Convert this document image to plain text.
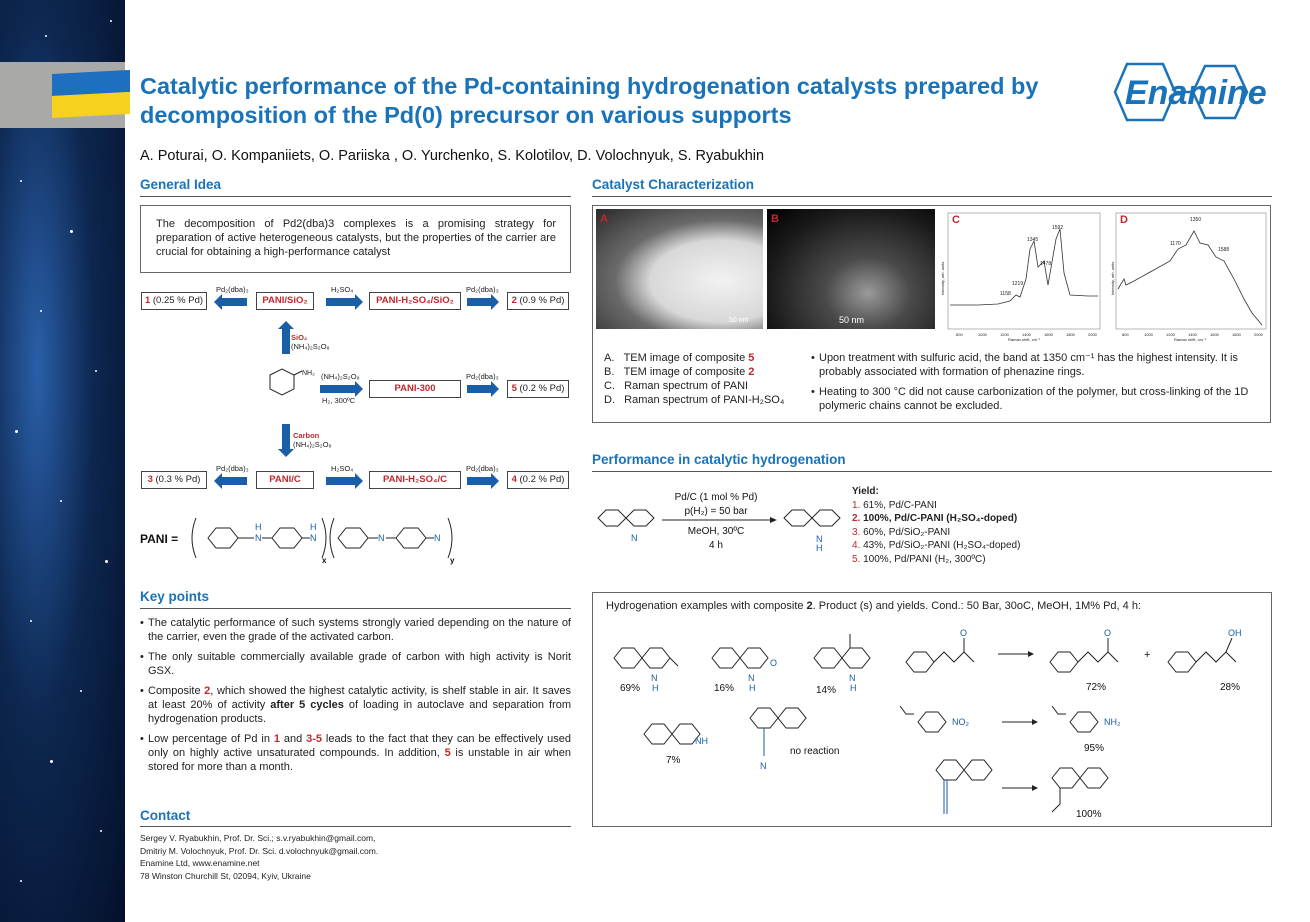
Catalytic performance of the Pd-containing hydrogenation catalysts prepared by decomposition of the Pd(0) precursor on various supports
A. Poturai, O. Kompaniiets, O. Pariiska , O. Yurchenko, S. Kolotilov, D. Volochnyuk, S. Ryabukhin
Enamine
General Idea
The decomposition of Pd2(dba)3 complexes is a promising strategy for preparation of active heterogeneous catalysts, but the properties of the carrier are crucial for obtaining a high-performance catalyst
1 (0.25 % Pd)
Pd₂(dba)₃
PANI/SiO₂
H₂SO₄
PANI-H₂SO₄/SiO₂
Pd₂(dba)₃
2 (0.9 % Pd)
SiO₂
(NH₄)₂S₂O₈
NH₂ (NH₄)₂S₂O₈
H₂, 300ºC
PANI-300
Pd₂(dba)₃
5 (0.2 % Pd)
Carbon
(NH₄)₂S₂O₈
3 (0.3 % Pd)
Pd₂(dba)₃
PANI/C
H₂SO₄
PANI-H₂SO₄/C
Pd₂(dba)₃
4 (0.2 % Pd)
PANI =	N
H
N
H
x
N	N
y
Key points
• The catalytic performance of such systems strongly varied depending on the nature of the carrier, even the grade of the activated carbon.
• The only suitable commercially available grade of carbon with high activity is Norit GSX.
• Composite 2, which showed the highest catalytic activity, is shelf stable in air. It saves at least 20% of activity after 5 cycles of loading in autoclave and separation from hydrogenation products.
• Low percentage of Pd in 1 and 3-5 leads to the fact that they can be effectively used only on highly active unsaturated compounds. In addition, 5 is unstable in air when stored for more than a month.
Contact
Sergey V. Ryabukhin, Prof. Dr. Sci.; s.v.ryabukhin@gmail.com,
Dmitriy M. Volochnyuk, Prof. Dr. Sci. d.volochnyuk@gmail.com.
Enamine Ltd, www.enamine.net
78 Winston Churchill St, 02094, Kyiv, Ukraine
Catalyst Characterization
A
50 nm
B
50 nm
C
1158
1219
1345
1478
1592
800	1000	1200	1400	1600	1800	2000
Raman shift, cm⁻¹
Intensity, arb. units
D
1170
1350
1588
800	1000	1200	1400	1600	1800	2000
Raman shift, cm⁻¹
Intensity, arb. units
A. TEM image of composite 5
B. TEM image of composite 2
C. Raman spectrum of PANI
D. Raman spectrum of PANI-H₂SO₄
• Upon treatment with sulfuric acid, the band at 1350 cm⁻¹ has the highest intensity. It is probably associated with formation of phenazine rings.
• Heating to 300 °C did not cause carbonization of the polymer, but cross-linking of the 1D polymeric chains cannot be excluded.
Performance in catalytic hydrogenation
N
Pd/C (1 mol % Pd)
p(H₂) = 50 bar
MeOH, 30ºC
4 h
N
H
Yield:
1. 61%, Pd/C-PANI
2. 100%, Pd/C-PANI (H₂SO₄-doped)
3. 60%, Pd/SiO₂-PANI
4. 43%, Pd/SiO₂-PANI (H₂SO₄-doped)
5. 100%, Pd/PANI (H₂, 300ºC)
Hydrogenation examples with composite 2. Product (s) and yields. Cond.: 50 Bar, 30oC, MeOH, 1M% Pd, 4 h:
N
H
69%
O
N
H
16%
N
H
14%
NH
7%	N
no reaction
O	O
72%
+
OH
28%
NO₂	NH₂
95%
100%
